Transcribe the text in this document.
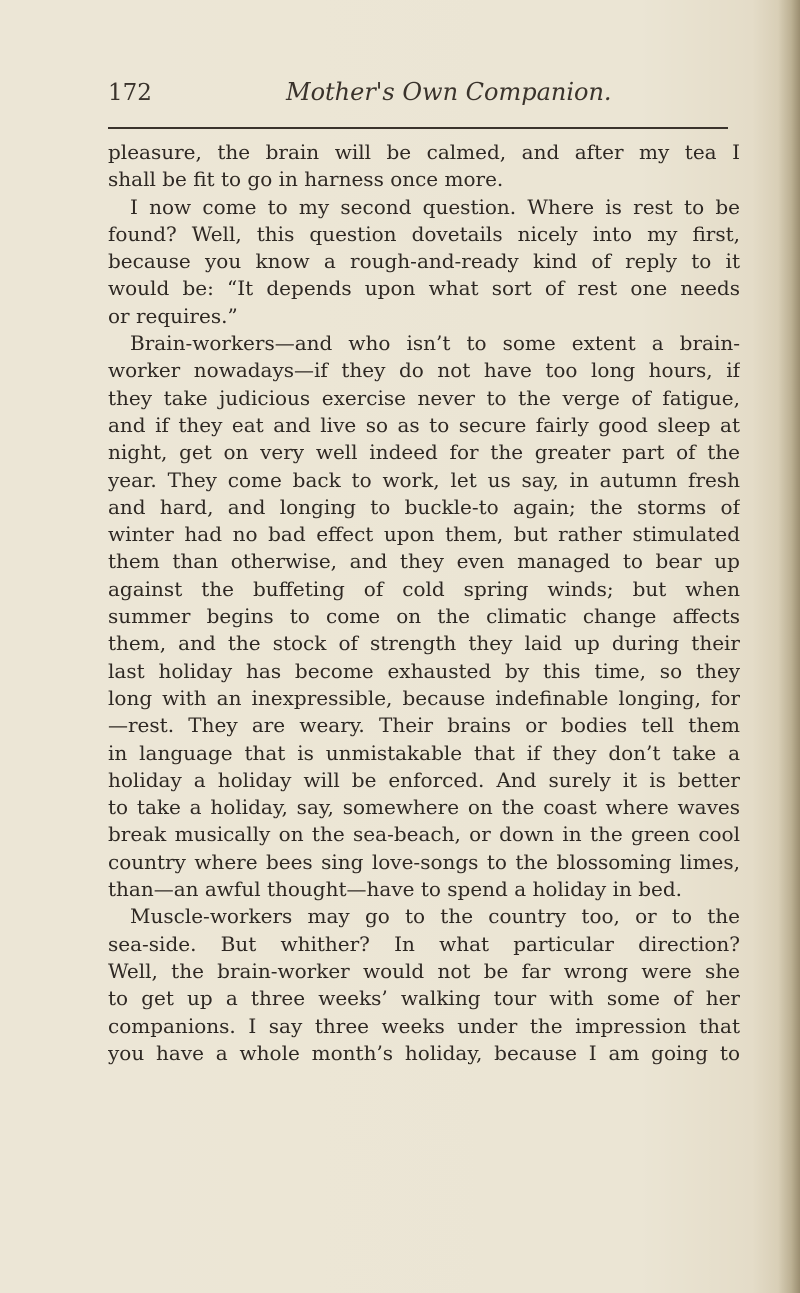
172	Mother's Own Companion.
pleasure, the brain will be calmed, and after my tea I
shall be fit to go in harness once more.
I now come to my second question. Where is rest to be
found? Well, this question dovetails nicely into my first,
because you know a rough-and-ready kind of reply to it
would be: “It depends upon what sort of rest one needs
or requires.”
Brain-workers—and who isn’t to some extent a brain-
worker nowadays—if they do not have too long hours, if
they take judicious exercise never to the verge of fatigue,
and if they eat and live so as to secure fairly good sleep at
night, get on very well indeed for the greater part of the
year. They come back to work, let us say, in autumn fresh
and hard, and longing to buckle-to again; the storms of
winter had no bad effect upon them, but rather stimulated
them than otherwise, and they even managed to bear up
against the buffeting of cold spring winds; but when
summer begins to come on the climatic change affects
them, and the stock of strength they laid up during their
last holiday has become exhausted by this time, so they
long with an inexpressible, because indefinable longing, for
—rest. They are weary. Their brains or bodies tell them
in language that is unmistakable that if they don’t take a
holiday a holiday will be enforced. And surely it is better
to take a holiday, say, somewhere on the coast where waves
break musically on the sea-beach, or down in the green cool
country where bees sing love-songs to the blossoming limes,
than—an awful thought—have to spend a holiday in bed.
Muscle-workers may go to the country too, or to the
sea-side. But whither? In what particular direction?
Well, the brain-worker would not be far wrong were she
to get up a three weeks’ walking tour with some of her
companions. I say three weeks under the impression that
you have a whole month’s holiday, because I am going to
